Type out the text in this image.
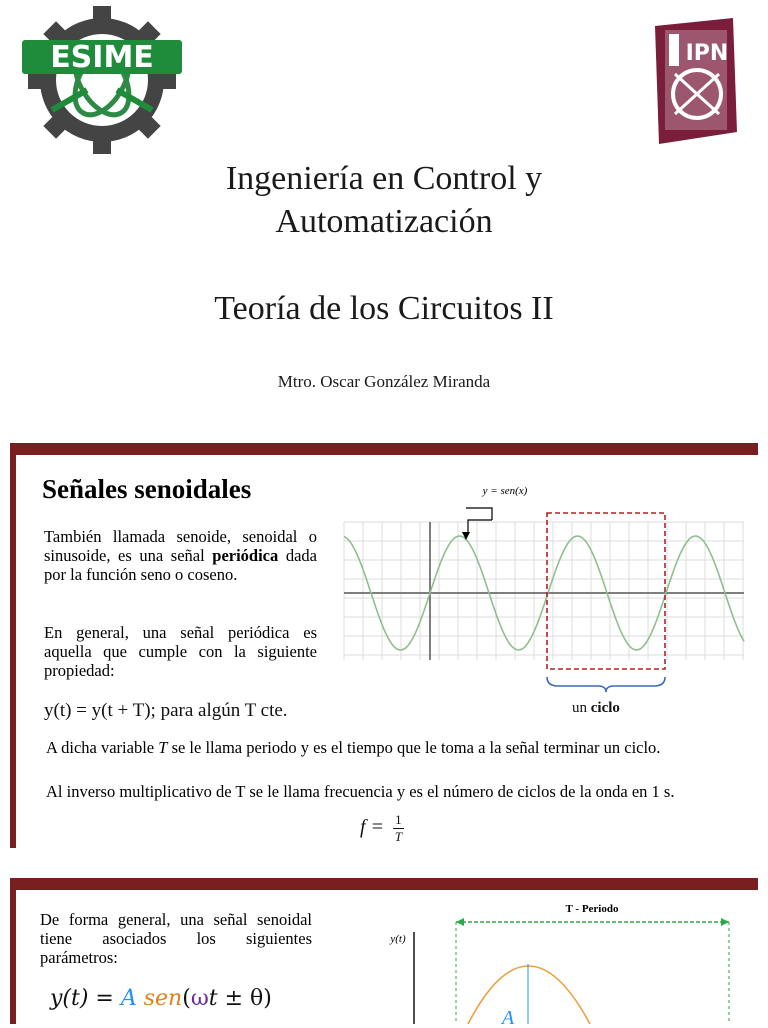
ESIME	IPN
Ingeniería en Control y
Automatización
Teoría de los Circuitos II
Mtro. Oscar González Miranda
Señales senoidales
También llamada senoide, senoidal o sinusoide, es una señal periódica dada por la función seno o coseno.
En general, una señal periódica es aquella que cumple con la siguiente propiedad:
y(t) = y(t + T); para algún T cte.
y = sen(x)
un ciclo
A dicha variable T se le llama periodo y es el tiempo que le toma a la señal terminar un ciclo.
Al inverso multiplicativo de T se le llama frecuencia y es el número de ciclos de la onda en 1 s.
$f = \frac{1}{T}$
De forma general, una señal senoidal tiene asociados los siguientes parámetros:
y(t) = A sen(ωt ± θ)
T - Periodo
y(t)
A
